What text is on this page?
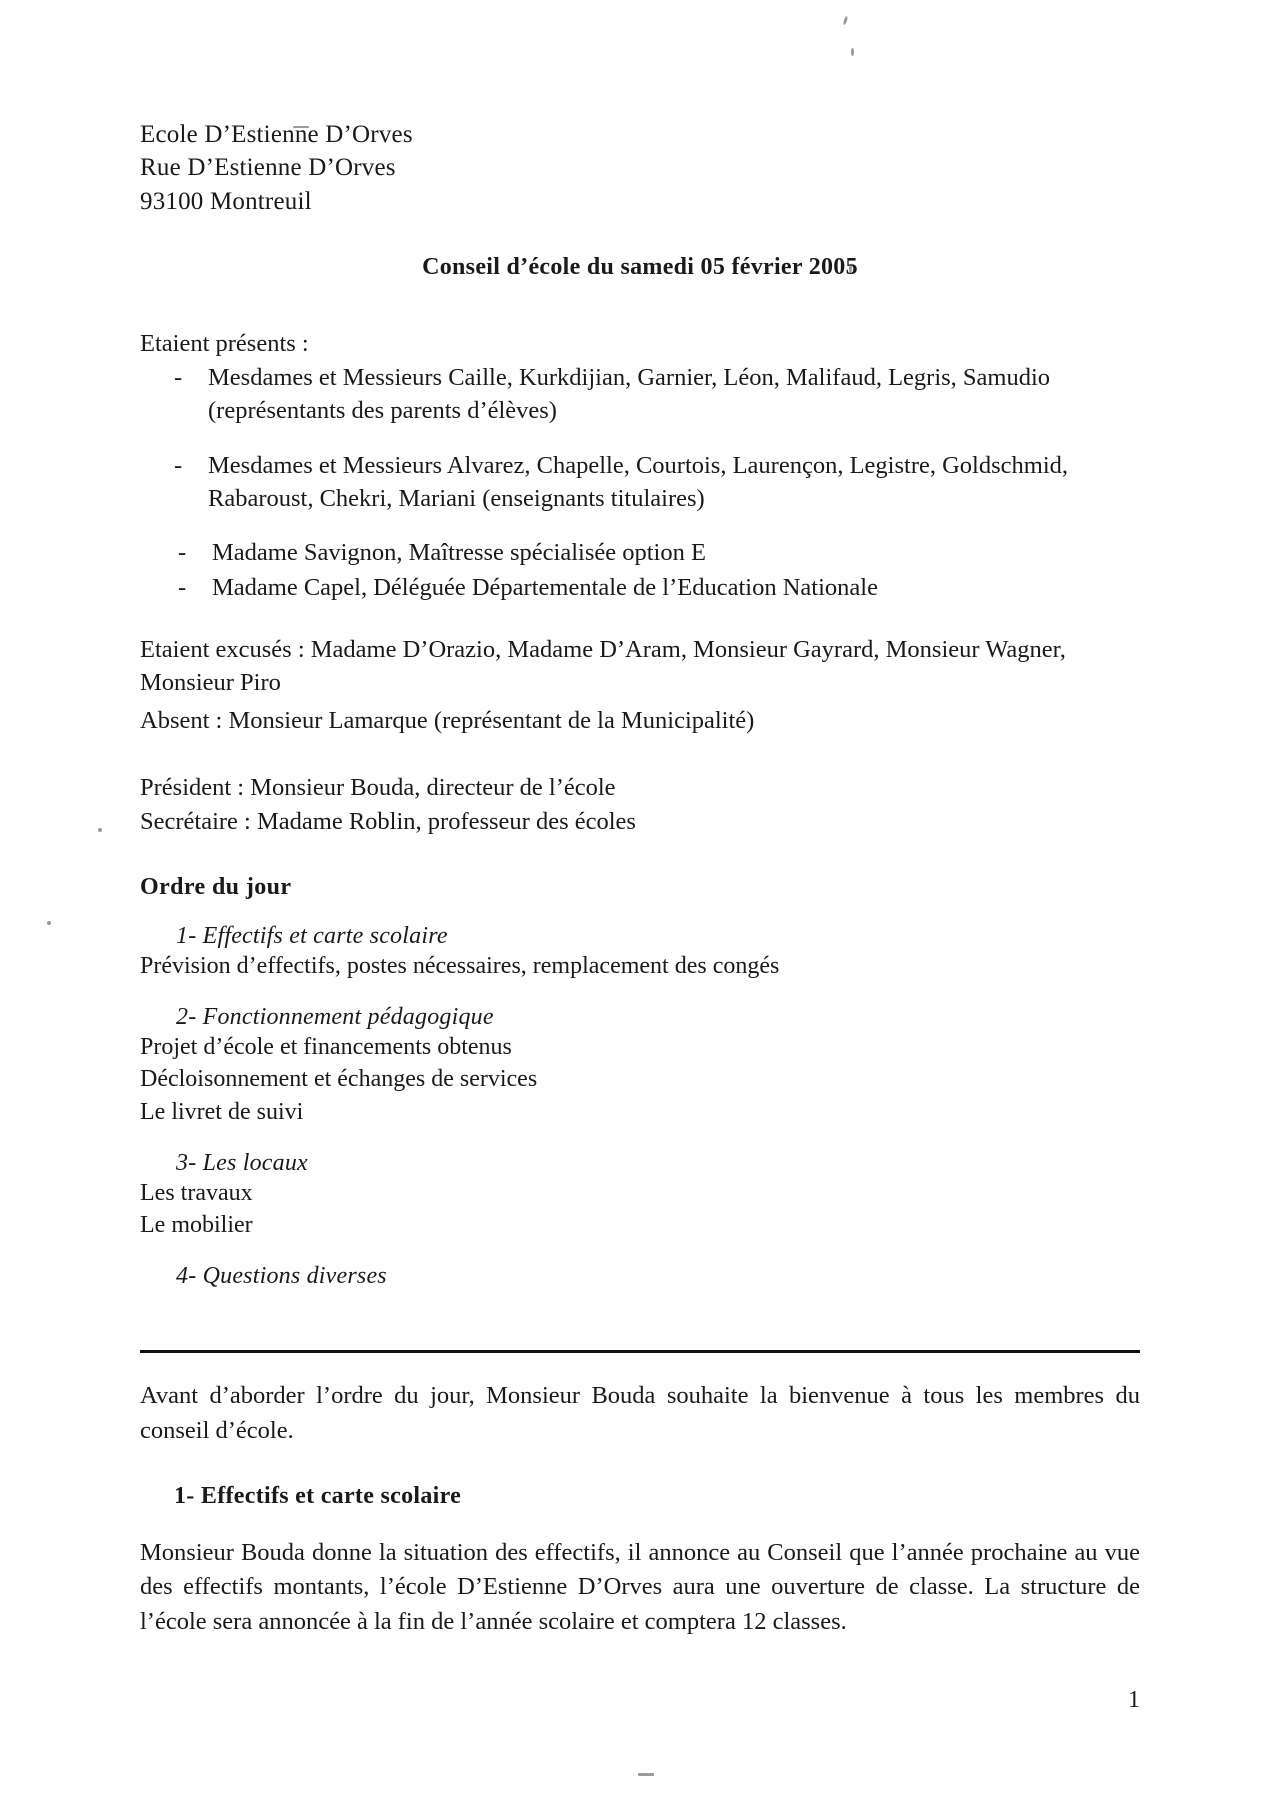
Ecole D’Estienne D’Orves
Rue D’Estienne D’Orves
93100 Montreuil
Conseil d’école du samedi 05 février 2005
Etaient présents :
- Mesdames et Messieurs Caille, Kurkdijian, Garnier, Léon, Malifaud, Legris, Samudio (représentants des parents d’élèves)
- Mesdames et Messieurs Alvarez, Chapelle, Courtois, Laurençon, Legistre, Goldschmid, Rabaroust, Chekri, Mariani (enseignants titulaires)
- Madame Savignon, Maîtresse spécialisée option E
- Madame Capel, Déléguée Départementale de l’Education Nationale
Etaient excusés : Madame D’Orazio, Madame D’Aram, Monsieur Gayrard, Monsieur Wagner, Monsieur Piro
Absent : Monsieur Lamarque (représentant de la Municipalité)
Président : Monsieur Bouda, directeur de l’école
Secrétaire : Madame Roblin, professeur des écoles
Ordre du jour
1- Effectifs et carte scolaire
Prévision d’effectifs, postes nécessaires, remplacement des congés
2- Fonctionnement pédagogique
Projet d’école et financements obtenus
Décloisonnement et échanges de services
Le livret de suivi
3- Les locaux
Les travaux
Le mobilier
4- Questions diverses
Avant d’aborder l’ordre du jour, Monsieur Bouda souhaite la bienvenue à tous les membres du conseil d’école.
1- Effectifs et carte scolaire
Monsieur Bouda donne la situation des effectifs, il annonce au Conseil que l’année prochaine au vue des effectifs montants, l’école D’Estienne D’Orves aura une ouverture de classe. La structure de l’école sera annoncée à la fin de l’année scolaire et comptera 12 classes.
1
